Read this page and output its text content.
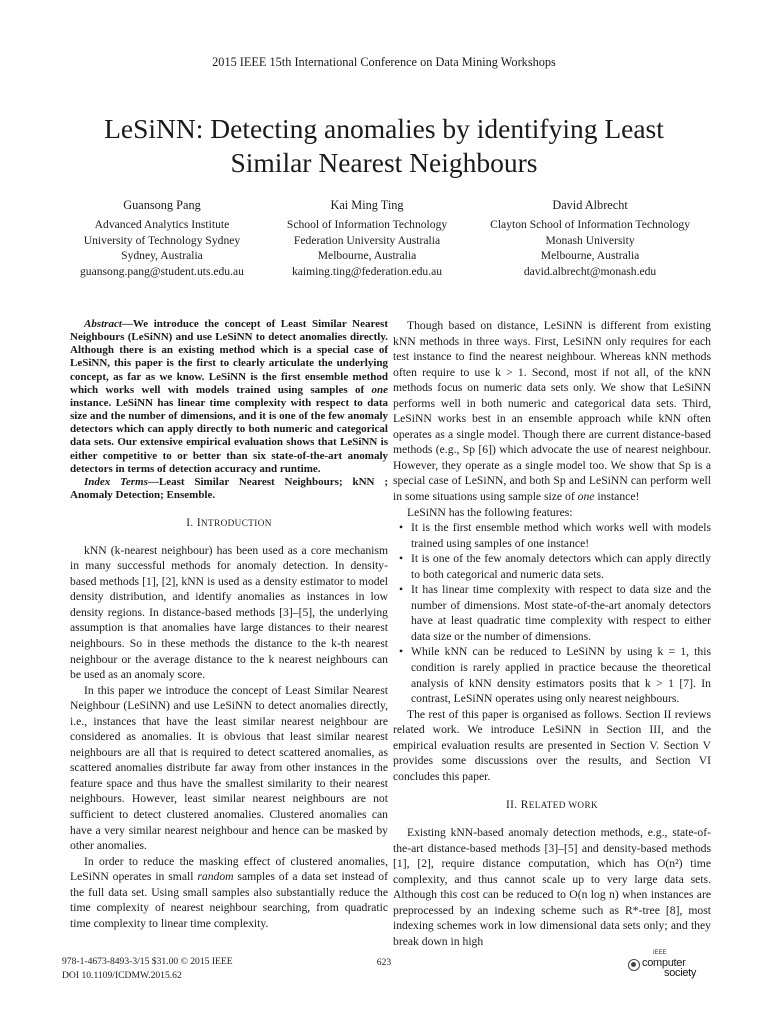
2015 IEEE 15th International Conference on Data Mining Workshops
LeSiNN: Detecting anomalies by identifying Least
Similar Nearest Neighbours
Guansong Pang
Advanced Analytics Institute
University of Technology Sydney
Sydney, Australia
guansong.pang@student.uts.edu.au
Kai Ming Ting
School of Information Technology
Federation University Australia
Melbourne, Australia
kaiming.ting@federation.edu.au
David Albrecht
Clayton School of Information Technology
Monash University
Melbourne, Australia
david.albrecht@monash.edu

Abstract—We introduce the concept of Least Similar Nearest Neighbours (LeSiNN) and use LeSiNN to detect anomalies directly. Although there is an existing method which is a special case of LeSiNN, this paper is the first to clearly articulate the underlying concept, as far as we know. LeSiNN is the first ensemble method which works well with models trained using samples of one instance. LeSiNN has linear time complexity with respect to data size and the number of dimensions, and it is one of the few anomaly detectors which can apply directly to both numeric and categorical data sets. Our extensive empirical evaluation shows that LeSiNN is either competitive to or better than six state-of-the-art anomaly detectors in terms of detection accuracy and runtime.

Index Terms—Least Similar Nearest Neighbours; kNN ; Anomaly Detection; Ensemble.

I. INTRODUCTION

kNN (k-nearest neighbour) has been used as a core mechanism in many successful methods for anomaly detection. In density-based methods [1], [2], kNN is used as a density estimator to model density distribution, and identify anomalies as instances in low density regions. In distance-based methods [3]–[5], the underlying assumption is that anomalies have large distances to their nearest neighbours. So in these methods the distance to the k-th nearest neighbour or the average distance to the k nearest neighbours can be used as an anomaly score.

In this paper we introduce the concept of Least Similar Nearest Neighbour (LeSiNN) and use LeSiNN to detect anomalies directly, i.e., instances that have the least similar nearest neighbour are considered as anomalies. It is obvious that least similar nearest neighbours are all that is required to detect scattered anomalies, as scattered anomalies distribute far away from other instances in the feature space and thus have the smallest similarity to their nearest neighbours. However, least similar nearest neighbours are not sufficient to detect clustered anomalies. Clustered anomalies can have a very similar nearest neighbour and hence can be masked by other anomalies.

In order to reduce the masking effect of clustered anomalies, LeSiNN operates in small random samples of a data set instead of the full data set. Using small samples also substantially reduce the time complexity of nearest neighbour searching, from quadratic time complexity to linear time complexity.

Though based on distance, LeSiNN is different from existing kNN methods in three ways. First, LeSiNN only requires for each test instance to find the nearest neighbour. Whereas kNN methods often require to use k > 1. Second, most if not all, of the kNN methods focus on numeric data sets only. We show that LeSiNN performs well in both numeric and categorical data sets. Third, LeSiNN works best in an ensemble approach while kNN often operates as a single model. Though there are current distance-based methods (e.g., Sp [6]) which advocate the use of nearest neighbour. However, they operate as a single model too. We show that Sp is a special case of LeSiNN, and both Sp and LeSiNN can perform well in some situations using sample size of one instance!

LeSiNN has the following features:

• It is the first ensemble method which works well with models trained using samples of one instance!
• It is one of the few anomaly detectors which can apply directly to both categorical and numeric data sets.
• It has linear time complexity with respect to data size and the number of dimensions. Most state-of-the-art anomaly detectors have at least quadratic time complexity with respect to either data size or the number of dimensions.
• While kNN can be reduced to LeSiNN by using k = 1, this condition is rarely applied in practice because the theoretical analysis of kNN density estimators posits that k > 1 [7]. In contrast, LeSiNN operates using only nearest neighbours.

The rest of this paper is organised as follows. Section II reviews related work. We introduce LeSiNN in Section III, and the empirical evaluation results are presented in Section V. Section V provides some discussions over the results, and Section VI concludes this paper.

II. RELATED WORK

Existing kNN-based anomaly detection methods, e.g., state-of-the-art distance-based methods [3]–[5] and density-based methods [1], [2], require distance computation, which has O(n²) time complexity, and thus cannot scale up to very large data sets. Although this cost can be reduced to O(n log n) when instances are preprocessed by an indexing scheme such as R*-tree [8], most indexing schemes work in low dimensional data sets only; and they break down in high

978-1-4673-8493-3/15 $31.00 © 2015 IEEE
DOI 10.1109/ICDMW.2015.62
623
IEEE
computer
society
